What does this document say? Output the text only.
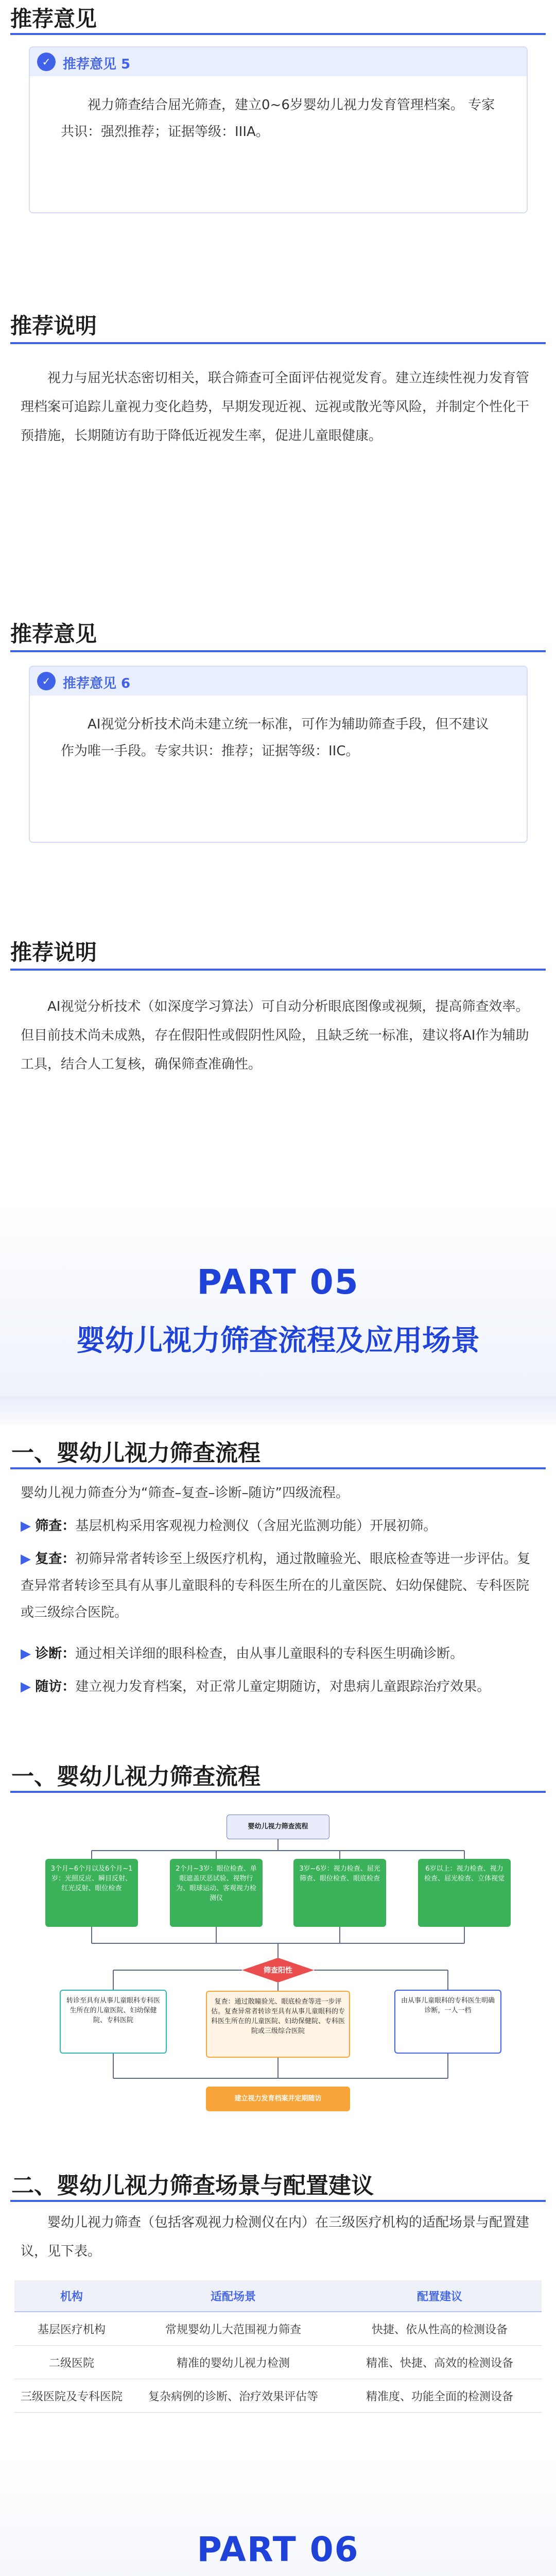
推荐意见
✓ 推荐意见 5
视力筛查结合屈光筛查，建立0~6岁婴幼儿视力发育管理档案。 专家共识：强烈推荐；证据等级：IIIA。
推荐说明
视力与屈光状态密切相关，联合筛查可全面评估视觉发育。建立连续性视力发育管理档案可追踪儿童视力变化趋势，早期发现近视、远视或散光等风险，并制定个性化干预措施，长期随访有助于降低近视发生率，促进儿童眼健康。
推荐意见
✓ 推荐意见 6
AI视觉分析技术尚未建立统一标准，可作为辅助筛查手段，但不建议作为唯一手段。专家共识：推荐；证据等级：IIC。
推荐说明
AI视觉分析技术（如深度学习算法）可自动分析眼底图像或视频，提高筛查效率。但目前技术尚未成熟，存在假阳性或假阴性风险，且缺乏统一标准，建议将AI作为辅助工具，结合人工复核，确保筛查准确性。
PART 05
婴幼儿视力筛查流程及应用场景
一、婴幼儿视力筛查流程
婴幼儿视力筛查分为“筛查–复查–诊断–随访”四级流程。
▶ 筛查：基层机构采用客观视力检测仪（含屈光监测功能）开展初筛。
▶ 复查：初筛异常者转诊至上级医疗机构，通过散瞳验光、眼底检查等进一步评估。复查异常者转诊至具有从事儿童眼科的专科医生所在的儿童医院、妇幼保健院、专科医院或三级综合医院。
▶ 诊断：通过相关详细的眼科检查，由从事儿童眼科的专科医生明确诊断。
▶ 随访：建立视力发育档案，对正常儿童定期随访，对患病儿童跟踪治疗效果。
一、婴幼儿视力筛查流程
婴幼儿视力筛查流程
3个月~6个月以及6个月~1岁：光照反应、瞬目反射、红光反射、眼位检查
2个月~3岁：眼位检查、单眼遮盖厌恶试验、视物行为、眼球运动、客观视力检测仪
3岁~6岁：视力检查、屈光筛查、眼位检查、眼底检查
6岁以上：视力检查、视力检查、屈光检查、立体视觉
筛查阳性
转诊至具有从事儿童眼科专科医生所在的儿童医院、妇幼保健院、专科医院
复查：通过散瞳验光、眼底检查等进一步评估。复查异常者转诊至具有从事儿童眼科的专科医生所在的儿童医院、妇幼保健院、专科医院或三级综合医院
由从事儿童眼科的专科医生明确诊断，一人一档
建立视力发育档案并定期随访
二、婴幼儿视力筛查场景与配置建议
婴幼儿视力筛查（包括客观视力检测仪在内）在三级医疗机构的适配场景与配置建议，见下表。
机构	适配场景	配置建议
基层医疗机构	常规婴幼儿大范围视力筛查	快捷、依从性高的检测设备
二级医院	精准的婴幼儿视力检测	精准、快捷、高效的检测设备
三级医院及专科医院	复杂病例的诊断、治疗效果评估等	精准度、功能全面的检测设备
PART 06
